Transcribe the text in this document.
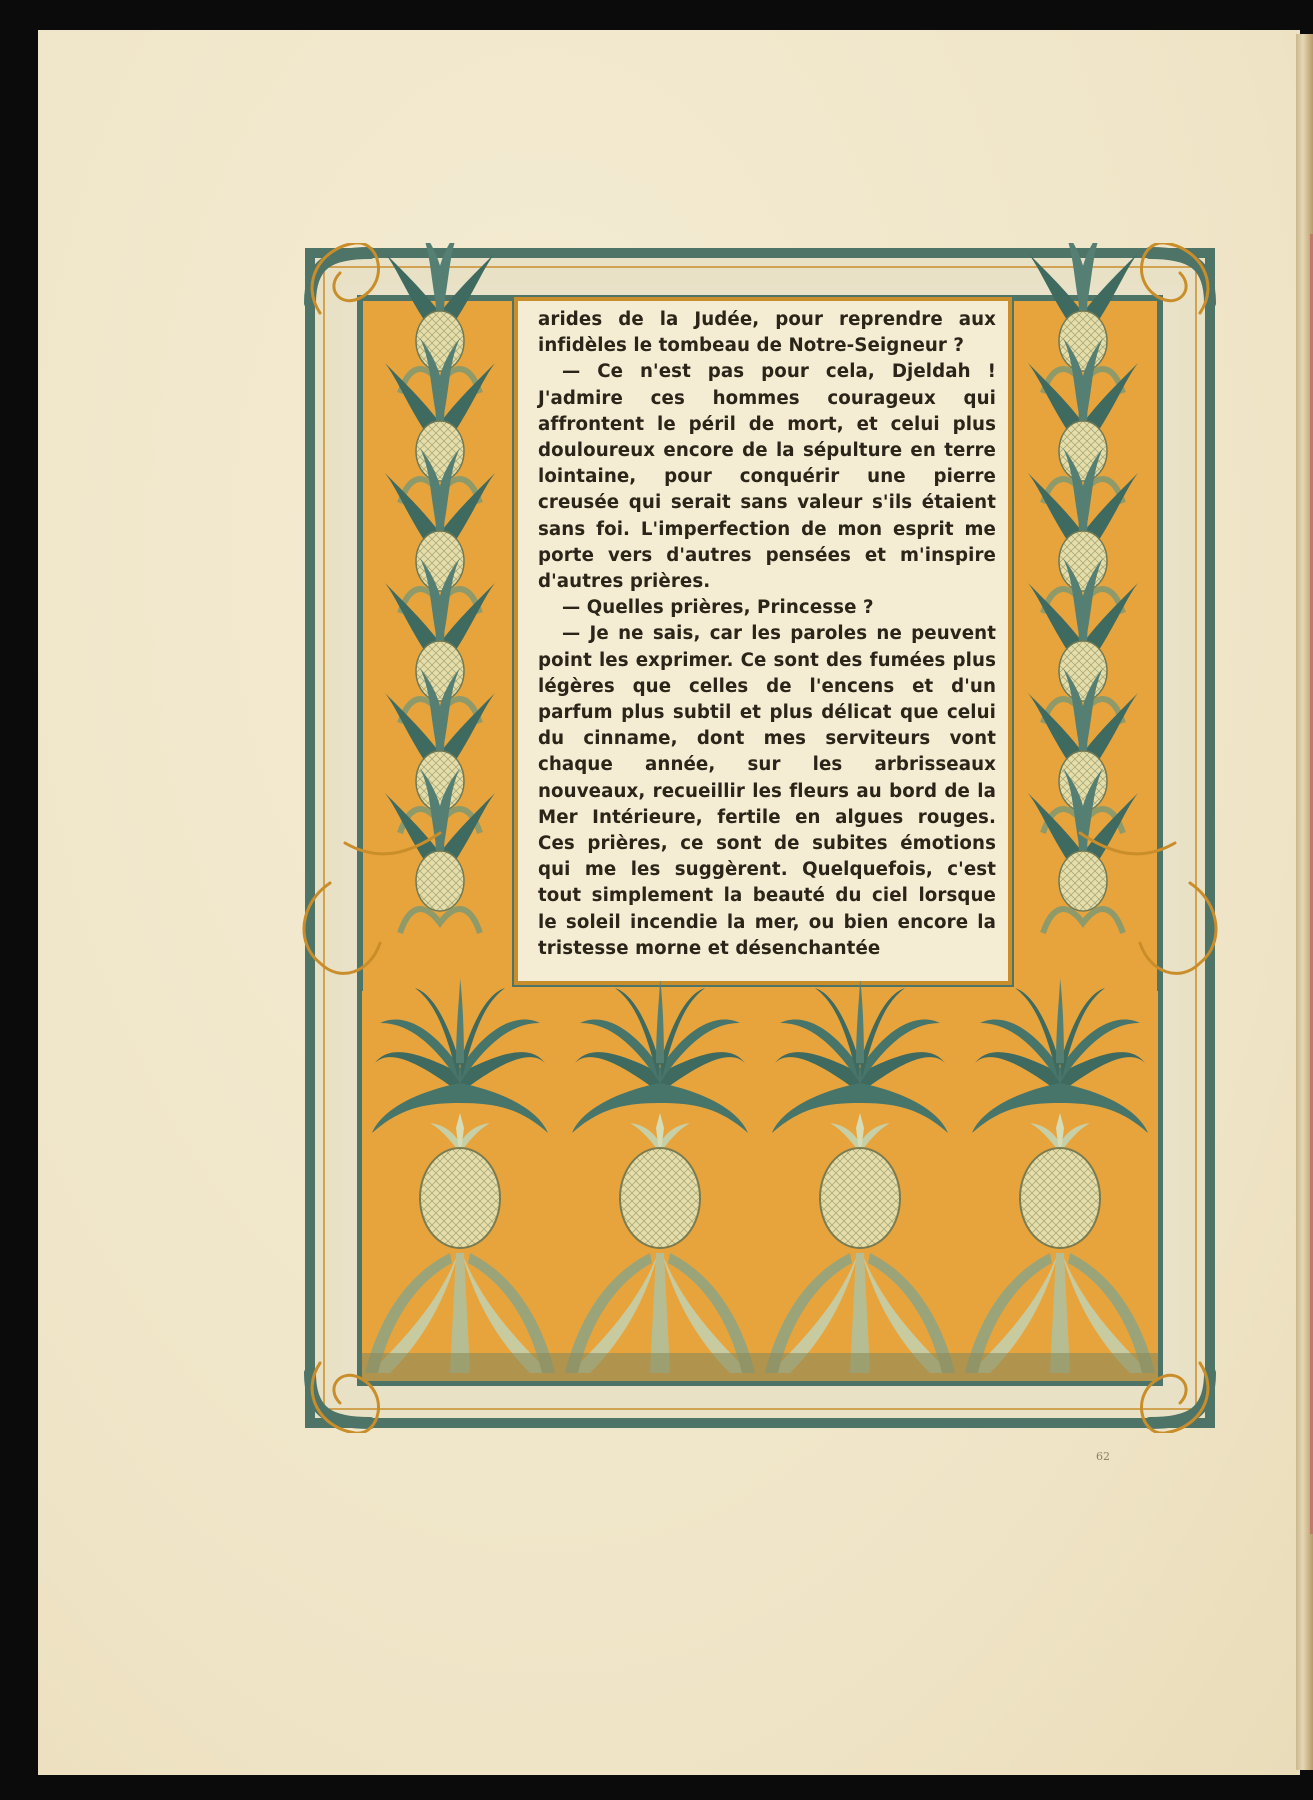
arides de la Judée, pour reprendre aux infidèles le tombeau de Notre-Seigneur ?

— Ce n'est pas pour cela, Djeldah ! J'admire ces hommes courageux qui affrontent le péril de mort, et celui plus douloureux encore de la sépulture en terre lointaine, pour conquérir une pierre creusée qui serait sans valeur s'ils étaient sans foi. L'imperfection de mon esprit me porte vers d'autres pensées et m'inspire d'autres prières.

— Quelles prières, Princesse ?

— Je ne sais, car les paroles ne peuvent point les exprimer. Ce sont des fumées plus légères que celles de l'encens et d'un parfum plus subtil et plus délicat que celui du cinname, dont mes serviteurs vont chaque année, sur les arbrisseaux nouveaux, recueillir les fleurs au bord de la Mer Intérieure, fertile en algues rouges. Ces prières, ce sont de subites émotions qui me les suggèrent. Quelquefois, c'est tout simplement la beauté du ciel lorsque le soleil incendie la mer, ou bien encore la tristesse morne et désenchantée

62
